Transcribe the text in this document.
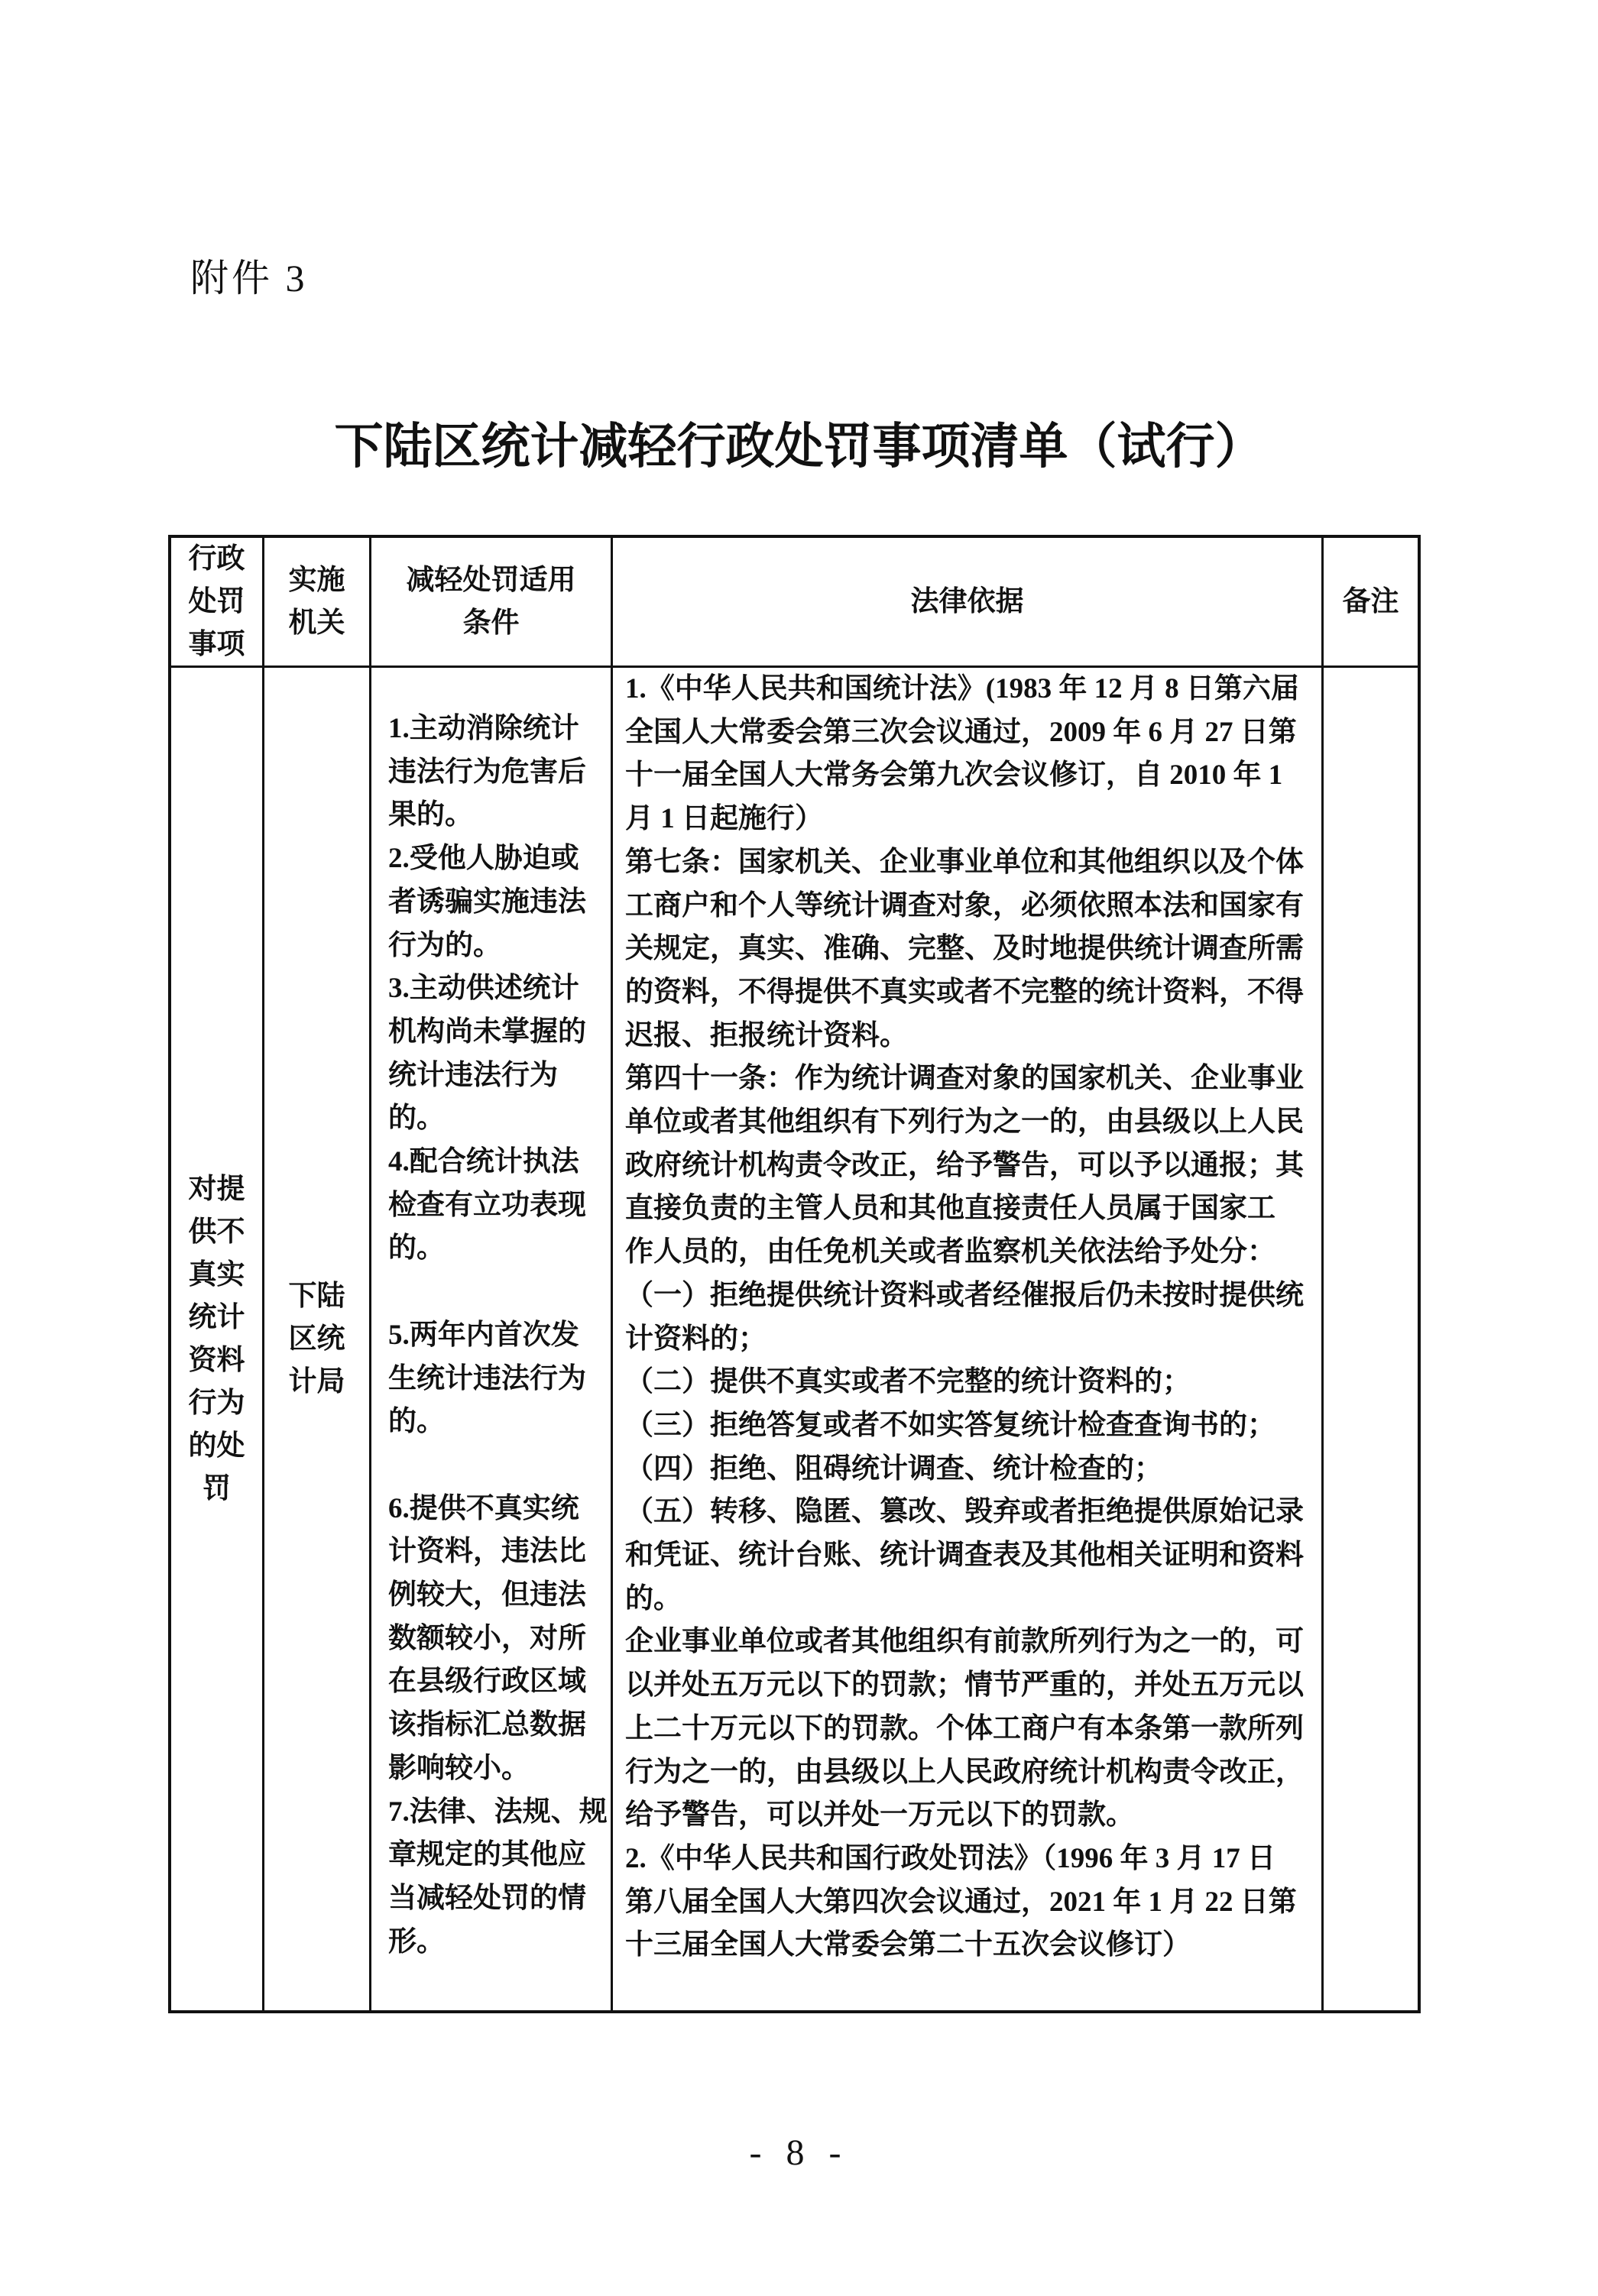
附件 3
下陆区统计减轻行政处罚事项清单（试行）
行政
处罚
事项
实施
机关
减轻处罚适用
条件
法律依据	备注
对提
供不
真实
统计
资料
行为
的处
罚
下陆
区统
计局
1.主动消除统计
违法行为危害后
果的。
2.受他人胁迫或
者诱骗实施违法
行为的。
3.主动供述统计
机构尚未掌握的
统计违法行为
的。
4.配合统计执法
检查有立功表现
的。
5.两年内首次发
生统计违法行为
的。
6.提供不真实统
计资料，违法比
例较大，但违法
数额较小，对所
在县级行政区域
该指标汇总数据
影响较小。
7.法律、法规、规
章规定的其他应
当减轻处罚的情
形。
1.《中华人民共和国统计法》(1983 年 12 月 8 日第六届
全国人大常委会第三次会议通过，2009 年 6 月 27 日第
十一届全国人大常务会第九次会议修订，自 2010 年 1
月 1 日起施行）
第七条：国家机关、企业事业单位和其他组织以及个体
工商户和个人等统计调查对象，必须依照本法和国家有
关规定，真实、准确、完整、及时地提供统计调查所需
的资料，不得提供不真实或者不完整的统计资料，不得
迟报、拒报统计资料。
第四十一条：作为统计调查对象的国家机关、企业事业
单位或者其他组织有下列行为之一的，由县级以上人民
政府统计机构责令改正，给予警告，可以予以通报；其
直接负责的主管人员和其他直接责任人员属于国家工
作人员的，由任免机关或者监察机关依法给予处分：
（一）拒绝提供统计资料或者经催报后仍未按时提供统
计资料的；
（二）提供不真实或者不完整的统计资料的；
（三）拒绝答复或者不如实答复统计检查查询书的；
（四）拒绝、阻碍统计调查、统计检查的；
（五）转移、隐匿、篡改、毁弃或者拒绝提供原始记录
和凭证、统计台账、统计调查表及其他相关证明和资料
的。
企业事业单位或者其他组织有前款所列行为之一的，可
以并处五万元以下的罚款；情节严重的，并处五万元以
上二十万元以下的罚款。个体工商户有本条第一款所列
行为之一的，由县级以上人民政府统计机构责令改正，
给予警告，可以并处一万元以下的罚款。
2.《中华人民共和国行政处罚法》（1996 年 3 月 17 日
第八届全国人大第四次会议通过，2021 年 1 月 22 日第
十三届全国人大常委会第二十五次会议修订）
- 8 -
